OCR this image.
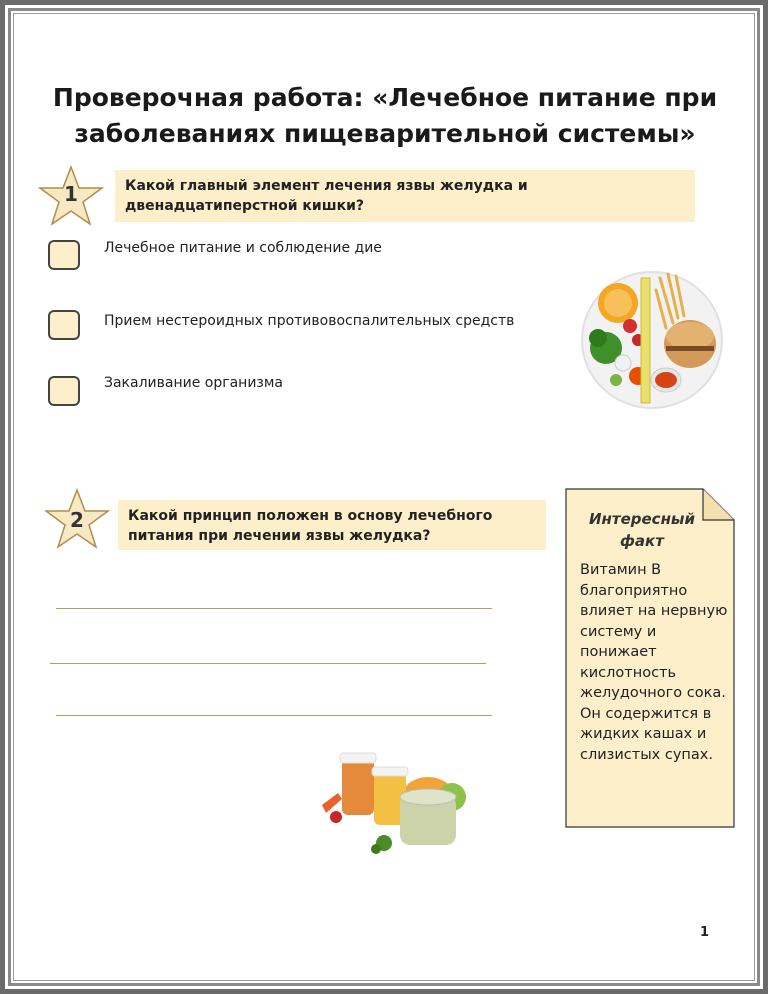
Проверочная работа: «Лечебное питание при заболеваниях пищеварительной системы»
1	Какой главный элемент лечения язвы желудка и двенадцатиперстной кишки?
Лечебное питание и соблюдение дие
Прием нестероидных противовоспалительных средств
Закаливание организма
2	Какой принцип положен в основу лечебного питания при лечении язвы желудка?
Интересный факт
Витамин B благоприятно влияет на нервную систему и понижает кислотность желудочного сока. Он содержится в жидких кашах и слизистых супах.
1
